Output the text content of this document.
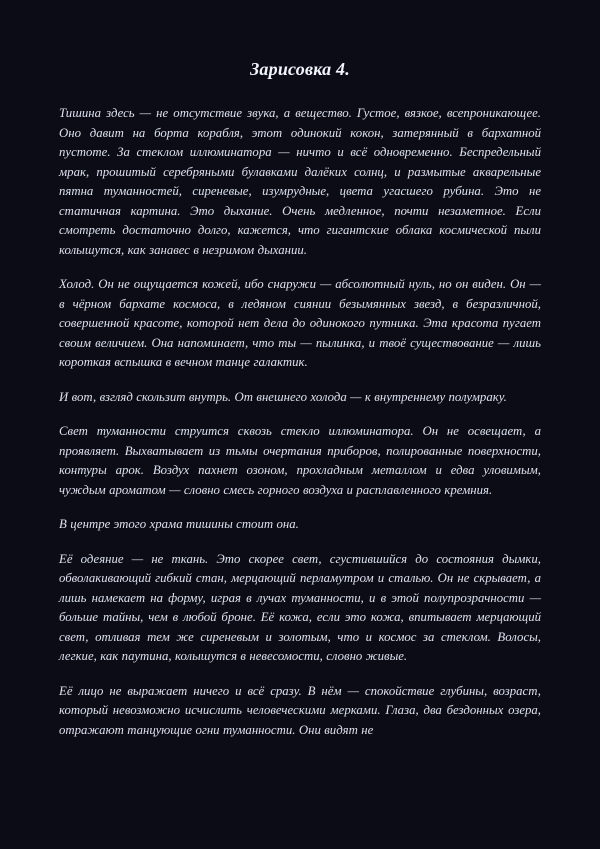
Зарисовка 4.

Тишина здесь — не отсутствие звука, а вещество. Густое, вязкое, всепроникающее. Оно давит на борта корабля, этот одинокий кокон, затерянный в бархатной пустоте. За стеклом иллюминатора — ничто и всё одновременно. Беспредельный мрак, прошитый серебряными булавками далёких солнц, и размытые акварельные пятна туманностей, сиреневые, изумрудные, цвета угасшего рубина. Это не статичная картина. Это дыхание. Очень медленное, почти незаметное. Если смотреть достаточно долго, кажется, что гигантские облака космической пыли колышутся, как занавес в незримом дыхании.

Холод. Он не ощущается кожей, ибо снаружи — абсолютный нуль, но он виден. Он — в чёрном бархате космоса, в ледяном сиянии безымянных звезд, в безразличной, совершенной красоте, которой нет дела до одинокого путника. Эта красота пугает своим величием. Она напоминает, что ты — пылинка, и твоё существование — лишь короткая вспышка в вечном танце галактик.

И вот, взгляд скользит внутрь. От внешнего холода — к внутреннему полумраку.

Свет туманности струится сквозь стекло иллюминатора. Он не освещает, а проявляет. Выхватывает из тьмы очертания приборов, полированные поверхности, контуры арок. Воздух пахнет озоном, прохладным металлом и едва уловимым, чуждым ароматом — словно смесь горного воздуха и расплавленного кремния.

В центре этого храма тишины стоит она.

Её одеяние — не ткань. Это скорее свет, сгустившийся до состояния дымки, обволакивающий гибкий стан, мерцающий перламутром и сталью. Он не скрывает, а лишь намекает на форму, играя в лучах туманности, и в этой полупрозрачности — больше тайны, чем в любой броне. Её кожа, если это кожа, впитывает мерцающий свет, отливая тем же сиреневым и золотым, что и космос за стеклом. Волосы, легкие, как паутина, колышутся в невесомости, словно живые.

Её лицо не выражает ничего и всё сразу. В нём — спокойствие глубины, возраст, который невозможно исчислить человеческими мерками. Глаза, два бездонных озера, отражают танцующие огни туманности. Они видят не
